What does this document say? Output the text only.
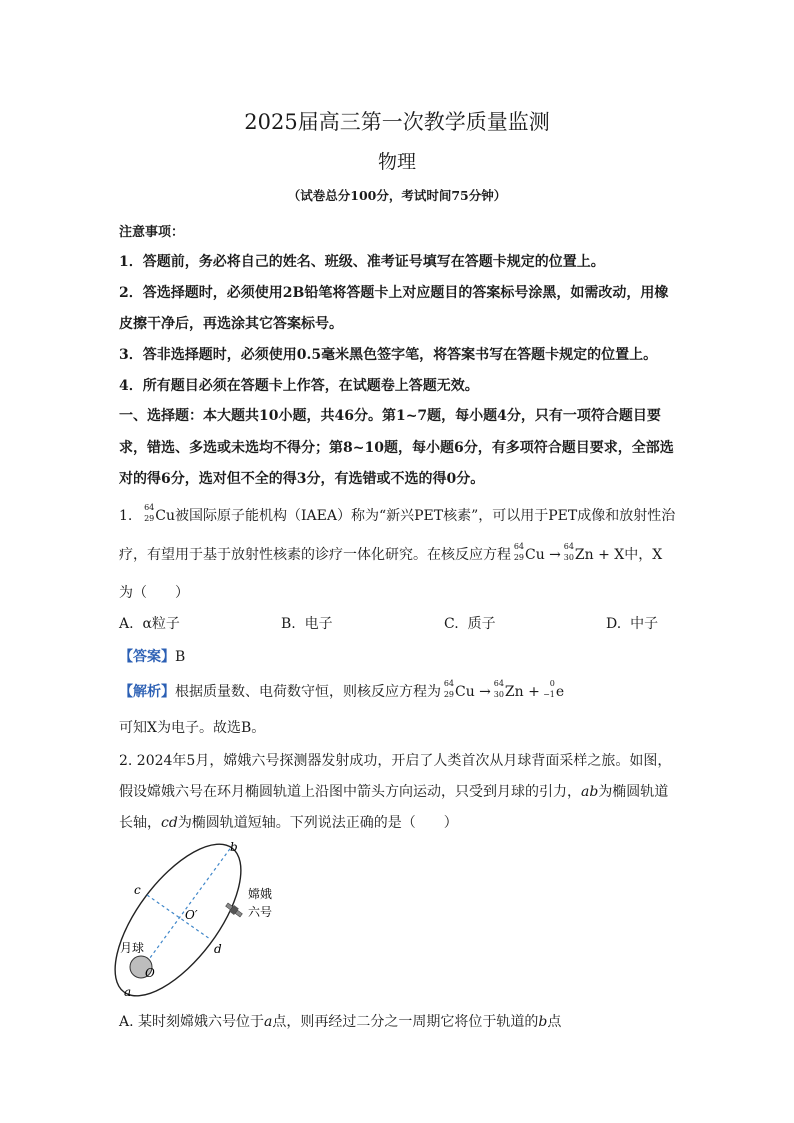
2025届高三第一次教学质量监测
物理
（试卷总分100分，考试时间75分钟）
注意事项：
1．答题前，务必将自己的姓名、班级、准考证号填写在答题卡规定的位置上。
2．答选择题时，必须使用2B铅笔将答题卡上对应题目的答案标号涂黑，如需改动，用橡
皮擦干净后，再选涂其它答案标号。
3．答非选择题时，必须使用0.5毫米黑色签字笔，将答案书写在答题卡规定的位置上。
4．所有题目必须在答题卡上作答，在试题卷上答题无效。
一、选择题：本大题共10小题，共46分。第1~7题，每小题4分，只有一项符合题目要
求，错选、多选或未选均不得分；第8~10题，每小题6分，有多项符合题目要求，全部选
对的得6分，选对但不全的得3分，有选错或不选的得0分。
1.
64
29 Cu被国际原子能机构（IAEA）称为“新兴PET核素”，可以用于PET成像和放射性治
疗，有望用于基于放射性核素的诊疗一体化研究。在核反应方程
64
29 Cu →
64
30 Zn + X中，X
为（　　）
A. α粒子	B. 电子	C. 质子	D. 中子
【答案】B
【解析】根据质量数、电荷数守恒，则核反应方程为
64
29 Cu →
64
30 Zn +
0
−1 e
可知X为电子。故选B。
2. 2024年5月，嫦娥六号探测器发射成功，开启了人类首次从月球背面采样之旅。如图，
假设嫦娥六号在环月椭圆轨道上沿图中箭头方向运动，只受到月球的引力，ab为椭圆轨道
长轴，cd为椭圆轨道短轴。下列说法正确的是（　　）
b
c
d
O′
O
a
月球
嫦娥
六号
A. 某时刻嫦娥六号位于a点，则再经过二分之一周期它将位于轨道的b点
